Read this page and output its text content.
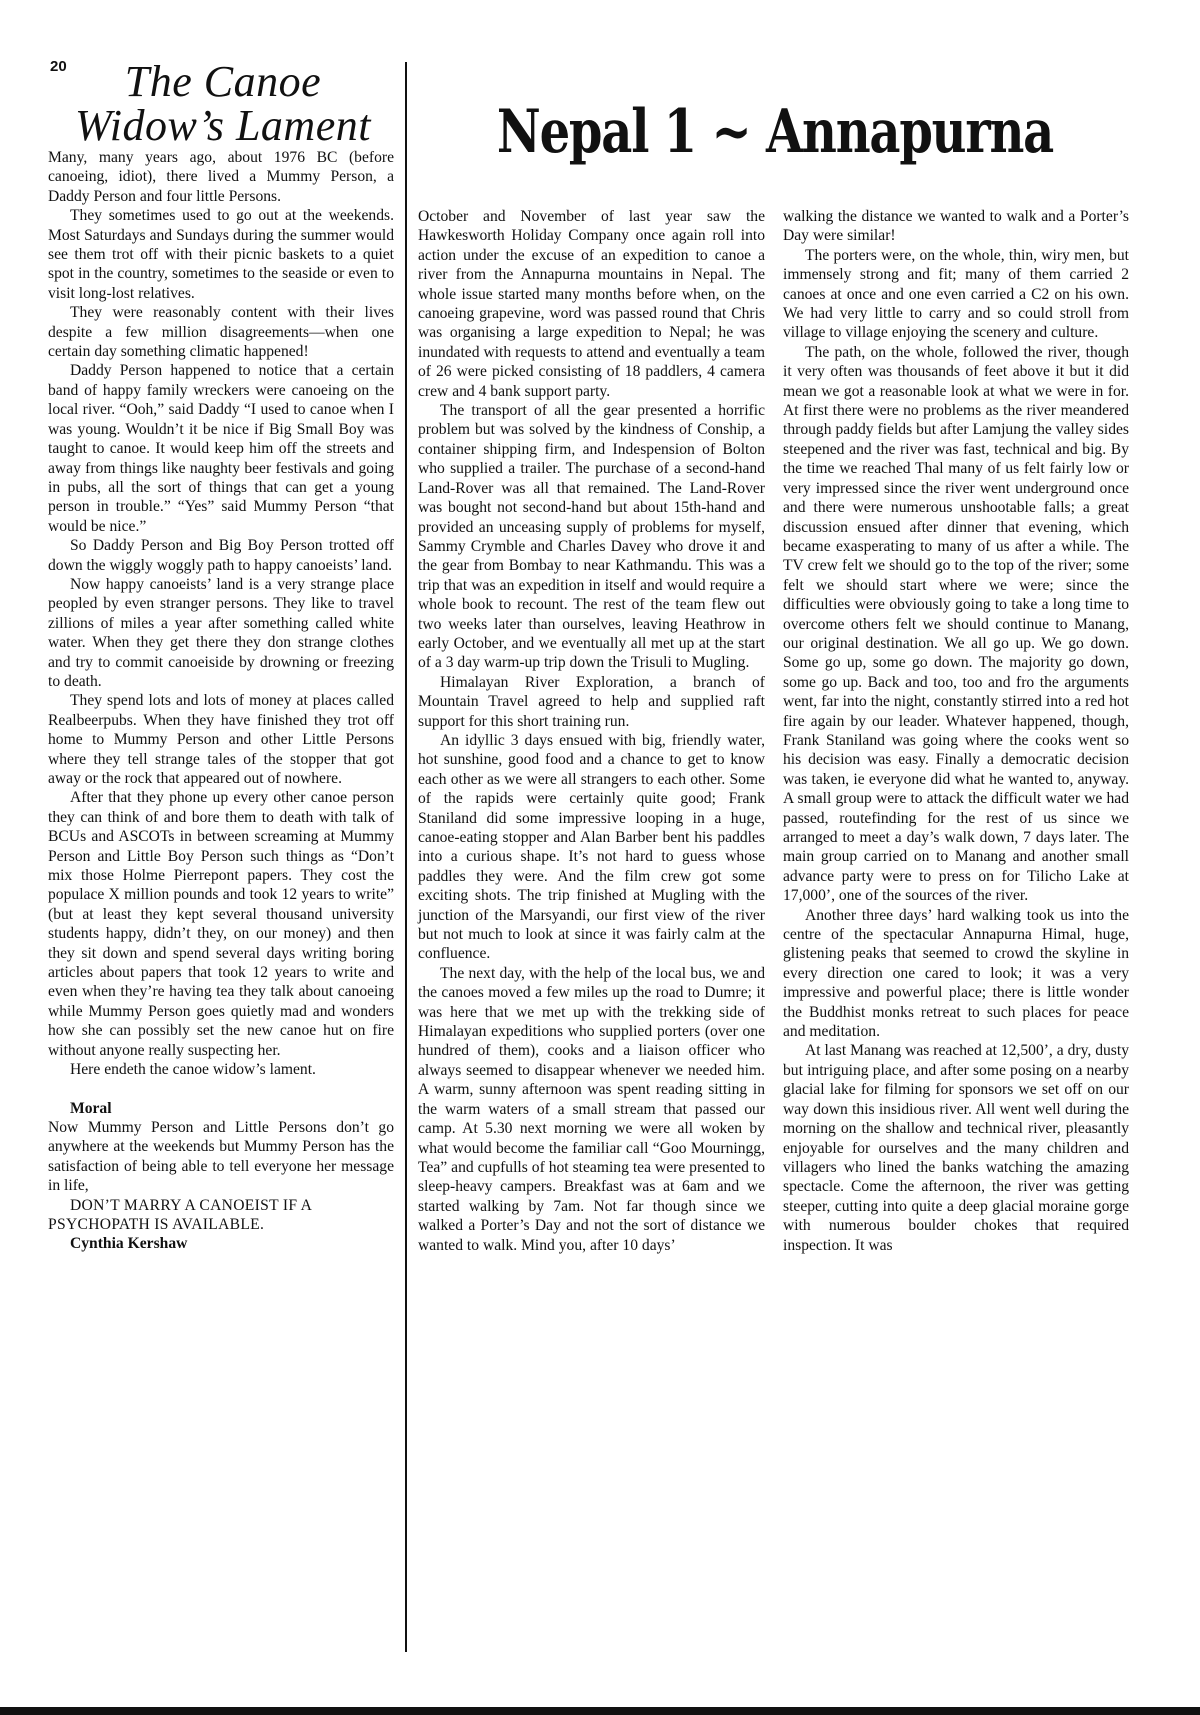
20	The Canoe
Widow’s Lament

Many, many years ago, about 1976 BC (before canoeing, idiot), there lived a Mummy Person, a Daddy Person and four little Persons.

They sometimes used to go out at the weekends. Most Saturdays and Sundays during the summer would see them trot off with their picnic baskets to a quiet spot in the country, sometimes to the seaside or even to visit long-lost relatives.

They were reasonably content with their lives despite a few million disagreements—when one certain day something climatic happened!

Daddy Person happened to notice that a certain band of happy family wreckers were canoeing on the local river. “Ooh,” said Daddy “I used to canoe when I was young. Wouldn’t it be nice if Big Small Boy was taught to canoe. It would keep him off the streets and away from things like naughty beer festivals and going in pubs, all the sort of things that can get a young person in trouble.” “Yes” said Mummy Person “that would be nice.”

So Daddy Person and Big Boy Person trotted off down the wiggly woggly path to happy canoeists’ land.

Now happy canoeists’ land is a very strange place peopled by even stranger persons. They like to travel zillions of miles a year after something called white water. When they get there they don strange clothes and try to commit canoeiside by drowning or freezing to death.

They spend lots and lots of money at places called Realbeerpubs. When they have finished they trot off home to Mummy Person and other Little Persons where they tell strange tales of the stopper that got away or the rock that appeared out of nowhere.

After that they phone up every other canoe person they can think of and bore them to death with talk of BCUs and ASCOTs in between screaming at Mummy Person and Little Boy Person such things as “Don’t mix those Holme Pierrepont papers. They cost the populace X million pounds and took 12 years to write” (but at least they kept several thousand university students happy, didn’t they, on our money) and then they sit down and spend several days writing boring articles about papers that took 12 years to write and even when they’re having tea they talk about canoeing while Mummy Person goes quietly mad and wonders how she can possibly set the new canoe hut on fire without anyone really suspecting her.

Here endeth the canoe widow’s lament.

Moral

Now Mummy Person and Little Persons don’t go anywhere at the weekends but Mummy Person has the satisfaction of being able to tell everyone her message in life,

DON’T MARRY A CANOEIST IF A PSYCHOPATH IS AVAILABLE.

Cynthia Kershaw

Nepal 1 ~ Annapurna

October and November of last year saw the Hawkesworth Holiday Company once again roll into action under the excuse of an expedition to canoe a river from the Annapurna mountains in Nepal. The whole issue started many months before when, on the canoeing grapevine, word was passed round that Chris was organising a large expedition to Nepal; he was inundated with requests to attend and eventually a team of 26 were picked consisting of 18 paddlers, 4 camera crew and 4 bank support party.

The transport of all the gear presented a horrific problem but was solved by the kindness of Conship, a container shipping firm, and Indespension of Bolton who supplied a trailer. The purchase of a second-hand Land-Rover was all that remained. The Land-Rover was bought not second-hand but about 15th-hand and provided an unceasing supply of problems for myself, Sammy Crymble and Charles Davey who drove it and the gear from Bombay to near Kathmandu. This was a trip that was an expedition in itself and would require a whole book to recount. The rest of the team flew out two weeks later than ourselves, leaving Heathrow in early October, and we eventually all met up at the start of a 3 day warm-up trip down the Trisuli to Mugling.

Himalayan River Exploration, a branch of Mountain Travel agreed to help and supplied raft support for this short training run.

An idyllic 3 days ensued with big, friendly water, hot sunshine, good food and a chance to get to know each other as we were all strangers to each other. Some of the rapids were certainly quite good; Frank Staniland did some impressive looping in a huge, canoe-eating stopper and Alan Barber bent his paddles into a curious shape. It’s not hard to guess whose paddles they were. And the film crew got some exciting shots. The trip finished at Mugling with the junction of the Marsyandi, our first view of the river but not much to look at since it was fairly calm at the confluence.

The next day, with the help of the local bus, we and the canoes moved a few miles up the road to Dumre; it was here that we met up with the trekking side of Himalayan expeditions who supplied porters (over one hundred of them), cooks and a liaison officer who always seemed to disappear whenever we needed him. A warm, sunny afternoon was spent reading sitting in the warm waters of a small stream that passed our camp. At 5.30 next morning we were all woken by what would become the familiar call “Goo Mourningg, Tea” and cupfulls of hot steaming tea were presented to sleep-heavy campers. Breakfast was at 6am and we started walking by 7am. Not far though since we walked a Porter’s Day and not the sort of distance we wanted to walk. Mind you, after 10 days’

walking the distance we wanted to walk and a Porter’s Day were similar!

The porters were, on the whole, thin, wiry men, but immensely strong and fit; many of them carried 2 canoes at once and one even carried a C2 on his own. We had very little to carry and so could stroll from village to village enjoying the scenery and culture.

The path, on the whole, followed the river, though it very often was thousands of feet above it but it did mean we got a reasonable look at what we were in for. At first there were no problems as the river meandered through paddy fields but after Lamjung the valley sides steepened and the river was fast, technical and big. By the time we reached Thal many of us felt fairly low or very impressed since the river went underground once and there were numerous unshootable falls; a great discussion ensued after dinner that evening, which became exasperating to many of us after a while. The TV crew felt we should go to the top of the river; some felt we should start where we were; since the difficulties were obviously going to take a long time to overcome others felt we should continue to Manang, our original destination. We all go up. We go down. Some go up, some go down. The majority go down, some go up. Back and too, too and fro the arguments went, far into the night, constantly stirred into a red hot fire again by our leader. Whatever happened, though, Frank Staniland was going where the cooks went so his decision was easy. Finally a democratic decision was taken, ie everyone did what he wanted to, anyway. A small group were to attack the difficult water we had passed, routefinding for the rest of us since we arranged to meet a day’s walk down, 7 days later. The main group carried on to Manang and another small advance party were to press on for Tilicho Lake at 17,000’, one of the sources of the river.

Another three days’ hard walking took us into the centre of the spectacular Annapurna Himal, huge, glistening peaks that seemed to crowd the skyline in every direction one cared to look; it was a very impressive and powerful place; there is little wonder the Buddhist monks retreat to such places for peace and meditation.

At last Manang was reached at 12,500’, a dry, dusty but intriguing place, and after some posing on a nearby glacial lake for filming for sponsors we set off on our way down this insidious river. All went well during the morning on the shallow and technical river, pleasantly enjoyable for ourselves and the many children and villagers who lined the banks watching the amazing spectacle. Come the afternoon, the river was getting steeper, cutting into quite a deep glacial moraine gorge with numerous boulder chokes that required inspection. It was
